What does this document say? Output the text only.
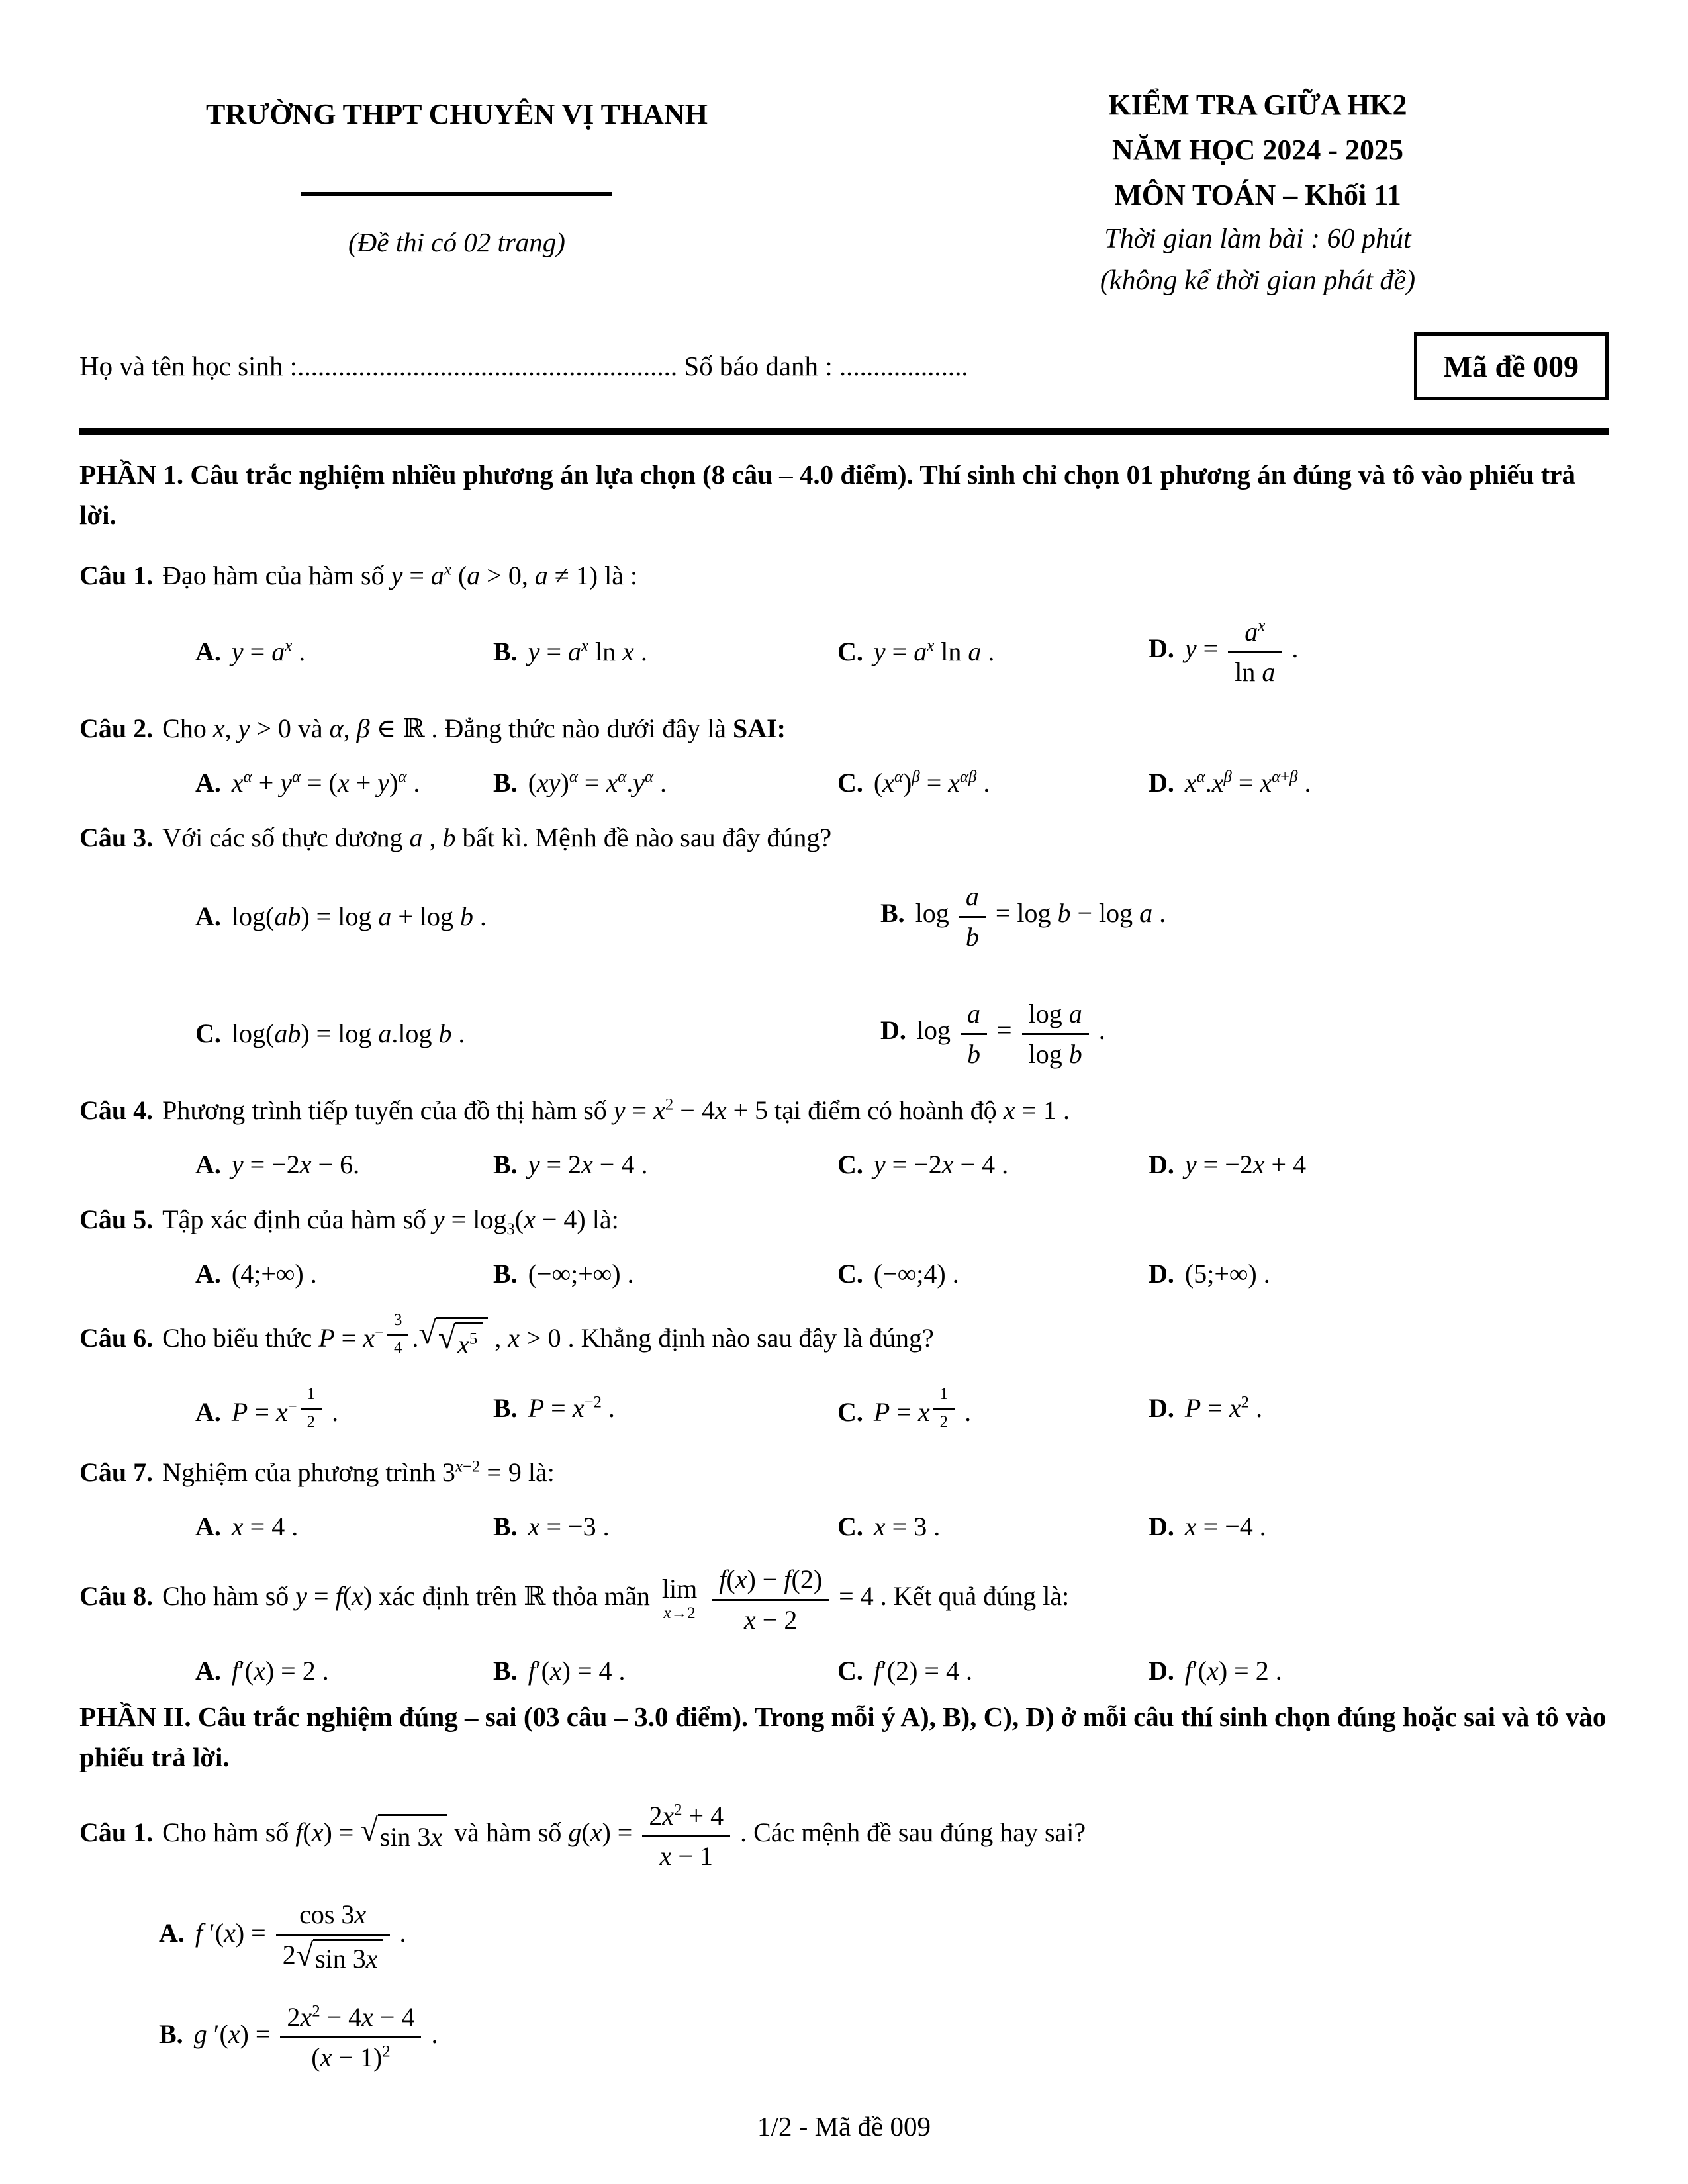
TRƯỜNG THPT CHUYÊN VỊ THANH
(Đề thi có 02 trang)
KIỂM TRA GIỮA HK2
NĂM HỌC 2024 - 2025
MÔN TOÁN – Khối 11
Thời gian làm bài : 60 phút
(không kể thời gian phát đề)
Họ và tên học sinh :........................................................ Số báo danh : ...................	Mã đề 009

PHẦN 1. Câu trắc nghiệm nhiều phương án lựa chọn (8 câu – 4.0 điểm). Thí sinh chỉ chọn 01 phương án đúng và tô vào phiếu trả lời.

Câu 1. Đạo hàm của hàm số $y = a^x$ (a > 0, a ≠ 1) là :

A. $y = a^x$ .	B. $y = a^x$ ln x .	C. $y = a^x$ ln a .	D. $y = \frac{a^x}{\text{ln a}}$ .

Câu 2. Cho x, y > 0 và α, β ∈ ℝ . Đẳng thức nào dưới đây là SAI:

A. $x^\alpha + y^\alpha = (x + y)^\alpha$ .	B. $(xy)^\alpha = x^\alpha.y^\alpha$ .	C. $(x^\alpha)^\beta = x^{\alpha\beta}$ .	D. $x^\alpha.x^\beta = x^{\alpha+\beta}$ .

Câu 3. Với các số thực dương a , b bất kì. Mệnh đề nào sau đây đúng?

A. log(ab) = log a + log b .	B. $\log \frac{a}{b} = \log b - \log a$ .
C. log(ab) = log a.log b .	D. $\log \frac{a}{b} = \frac{\text{log a}}{\text{log b}}$ .

Câu 4. Phương trình tiếp tuyến của đồ thị hàm số $y = x^2 - 4x + 5$ tại điểm có hoành độ x = 1 .

A. y = −2x − 6.	B. y = 2x − 4 .	C. y = −2x − 4 .	D. y = −2x + 4

Câu 5. Tập xác định của hàm số $y = \log_3(x - 4)$ là:

A. (4;+∞) .	B. (−∞;+∞) .	C. (−∞;4) .	D. (5;+∞) .

Câu 6. Cho biểu thức $P = x^{- \frac{3}{4}}$ . √ √ $x^5$ , x > 0 . Khẳng định nào sau đây là đúng?

A. $P = x^{- \frac{1}{2}}$ .	B. $P = x^{-2}$ .	C. P = x $^{\frac{1}{2}}$ .	D. $P = x^2$ .

Câu 7. Nghiệm của phương trình $3^{x-2} = 9$ là:

A. x = 4 .	B. x = −3 .	C. x = 3 .	D. x = −4 .

Câu 8. Cho hàm số y = f(x) xác định trên ℝ thỏa mãn lim
x→2
$\frac{f(x) - f(2)}{x - 2} = 4$ . Kết quả đúng là:

A. f′(x) = 2 .	B. f′(x) = 4 .	C. f′(2) = 4 .	D. f′(x) = 2 .

PHẦN II. Câu trắc nghiệm đúng – sai (03 câu – 3.0 điểm). Trong mỗi ý A), B), C), D) ở mỗi câu thí sinh chọn đúng hoặc sai và tô vào phiếu trả lời.

Câu 1. Cho hàm số f(x) = √ sin 3x và hàm số $g(x) = \frac{2x^2 + 4}{x - 1}$ . Các mệnh đề sau đúng hay sai?

A. f $'(x) = \frac{\cos 3x}{2 √ \sin 3x}$ .
B. g $'(x) = \frac{2x^2 - 4x - 4}{(x - 1)^2}$ .
1/2 - Mã đề 009
